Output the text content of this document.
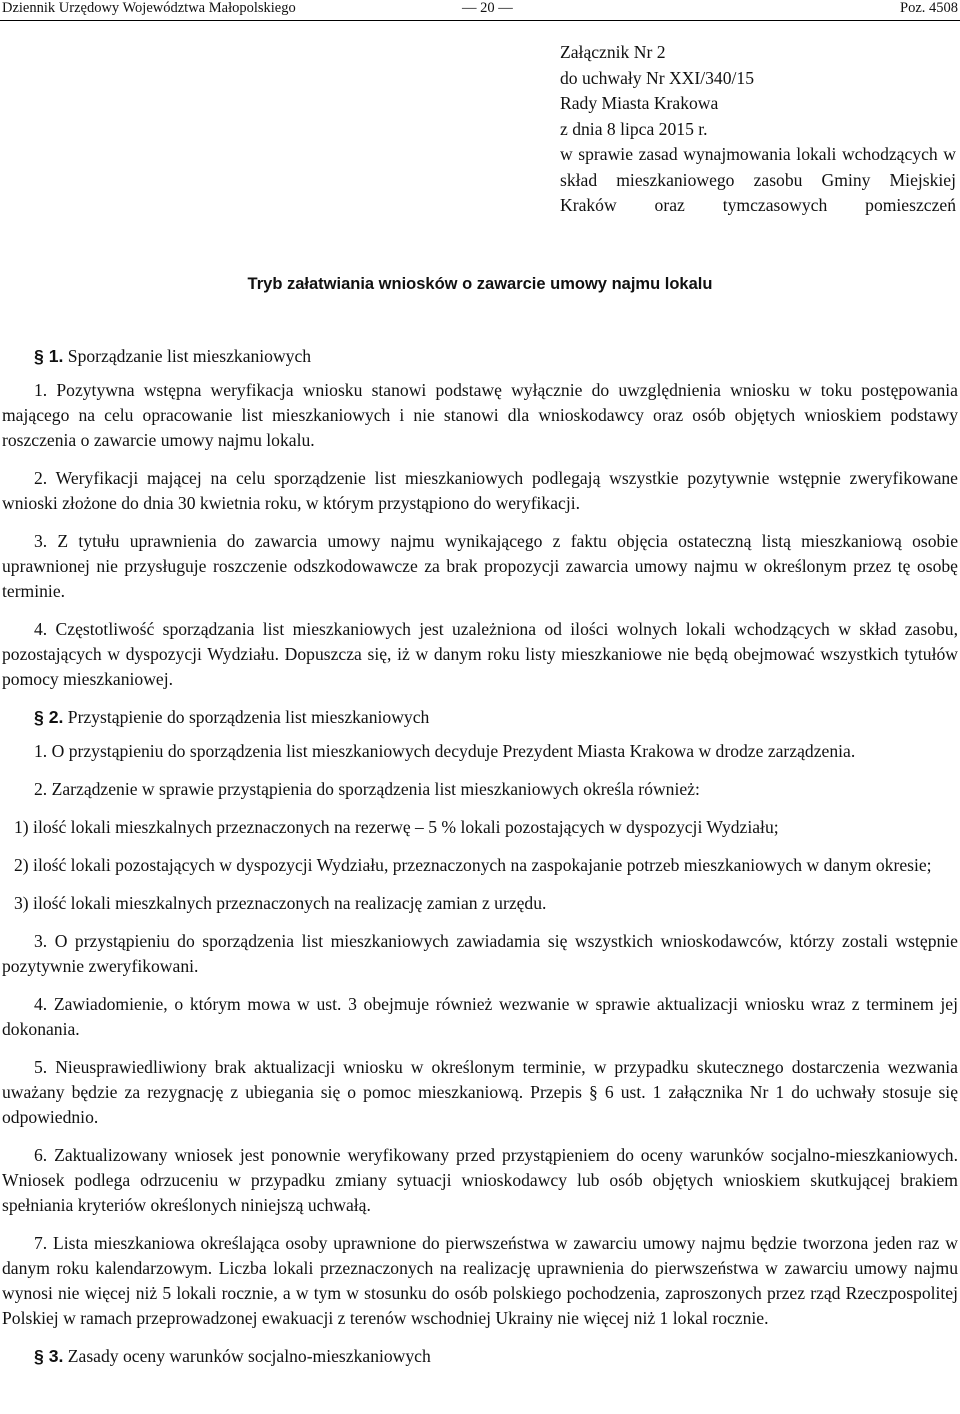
Dziennik Urzędowy Województwa Małopolskiego	— 20 —	Poz. 4508
Załącznik Nr 2
do uchwały Nr XXI/340/15
Rady Miasta Krakowa
z dnia 8 lipca 2015 r.
w sprawie zasad wynajmowania lokali wchodzących w skład mieszkaniowego zasobu Gminy Miejskiej Kraków oraz tymczasowych pomieszczeń
Tryb załatwiania wniosków o zawarcie umowy najmu lokalu
§ 1. Sporządzanie list mieszkaniowych

1. Pozytywna wstępna weryfikacja wniosku stanowi podstawę wyłącznie do uwzględnienia wniosku w toku postępowania mającego na celu opracowanie list mieszkaniowych i nie stanowi dla wnioskodawcy oraz osób objętych wnioskiem podstawy roszczenia o zawarcie umowy najmu lokalu.

2. Weryfikacji mającej na celu sporządzenie list mieszkaniowych podlegają wszystkie pozytywnie wstępnie zweryfikowane wnioski złożone do dnia 30 kwietnia roku, w którym przystąpiono do weryfikacji.

3. Z tytułu uprawnienia do zawarcia umowy najmu wynikającego z faktu objęcia ostateczną listą mieszkaniową osobie uprawnionej nie przysługuje roszczenie odszkodowawcze za brak propozycji zawarcia umowy najmu w określonym przez tę osobę terminie.

4. Częstotliwość sporządzania list mieszkaniowych jest uzależniona od ilości wolnych lokali wchodzących w skład zasobu, pozostających w dyspozycji Wydziału. Dopuszcza się, iż w danym roku listy mieszkaniowe nie będą obejmować wszystkich tytułów pomocy mieszkaniowej.

§ 2. Przystąpienie do sporządzenia list mieszkaniowych

1. O przystąpieniu do sporządzenia list mieszkaniowych decyduje Prezydent Miasta Krakowa w drodze zarządzenia.

2. Zarządzenie w sprawie przystąpienia do sporządzenia list mieszkaniowych określa również:

1) ilość lokali mieszkalnych przeznaczonych na rezerwę – 5 % lokali pozostających w dyspozycji Wydziału;

2) ilość lokali pozostających w dyspozycji Wydziału, przeznaczonych na zaspokajanie potrzeb mieszkaniowych w danym okresie;

3) ilość lokali mieszkalnych przeznaczonych na realizację zamian z urzędu.

3. O przystąpieniu do sporządzenia list mieszkaniowych zawiadamia się wszystkich wnioskodawców, którzy zostali wstępnie pozytywnie zweryfikowani.

4. Zawiadomienie, o którym mowa w ust. 3 obejmuje również wezwanie w sprawie aktualizacji wniosku wraz z terminem jej dokonania.

5. Nieusprawiedliwiony brak aktualizacji wniosku w określonym terminie, w przypadku skutecznego dostarczenia wezwania uważany będzie za rezygnację z ubiegania się o pomoc mieszkaniową. Przepis § 6 ust. 1 załącznika Nr 1 do uchwały stosuje się odpowiednio.

6. Zaktualizowany wniosek jest ponownie weryfikowany przed przystąpieniem do oceny warunków socjalno-mieszkaniowych. Wniosek podlega odrzuceniu w przypadku zmiany sytuacji wnioskodawcy lub osób objętych wnioskiem skutkującej brakiem spełniania kryteriów określonych niniejszą uchwałą.

7. Lista mieszkaniowa określająca osoby uprawnione do pierwszeństwa w zawarciu umowy najmu będzie tworzona jeden raz w danym roku kalendarzowym. Liczba lokali przeznaczonych na realizację uprawnienia do pierwszeństwa w zawarciu umowy najmu wynosi nie więcej niż 5 lokali rocznie, a w tym w stosunku do osób polskiego pochodzenia, zaproszonych przez rząd Rzeczpospolitej Polskiej w ramach przeprowadzonej ewakuacji z terenów wschodniej Ukrainy nie więcej niż 1 lokal rocznie.

§ 3. Zasady oceny warunków socjalno-mieszkaniowych
